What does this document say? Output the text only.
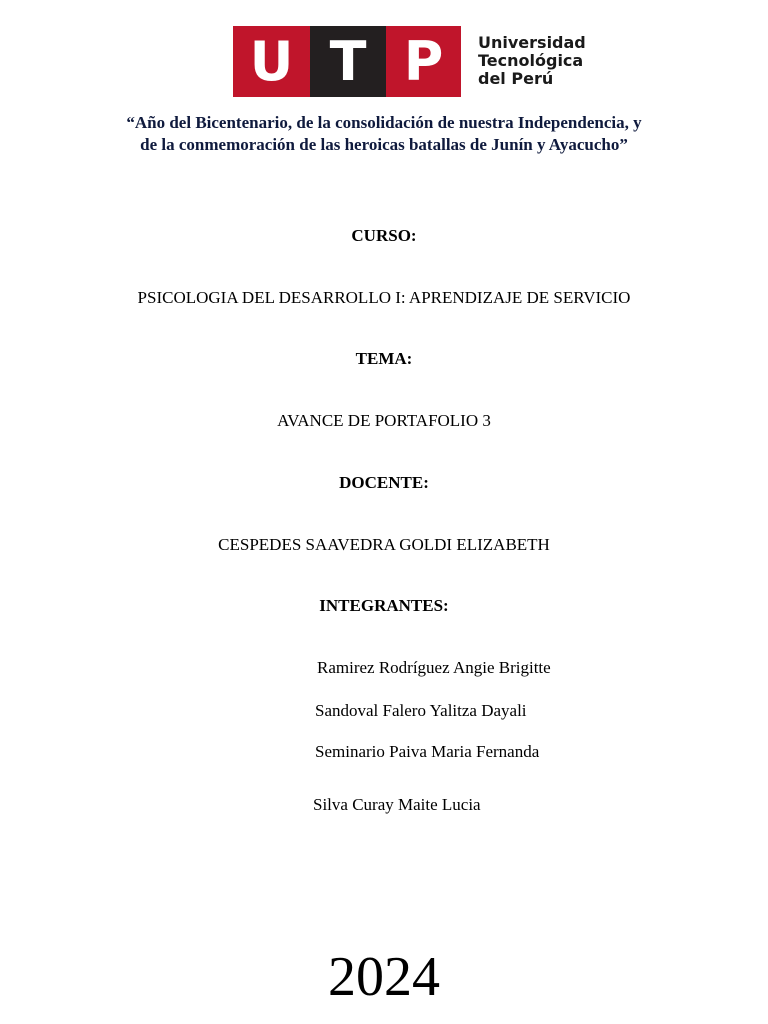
U T P	Universidad
Tecnológica
del Perú
“Año del Bicentenario, de la consolidación de nuestra Independencia, y
de la conmemoración de las heroicas batallas de Junín y Ayacucho”
CURSO:
PSICOLOGIA DEL DESARROLLO I: APRENDIZAJE DE SERVICIO
TEMA:
AVANCE DE PORTAFOLIO 3
DOCENTE:
CESPEDES SAAVEDRA GOLDI ELIZABETH
INTEGRANTES:
Ramirez Rodríguez Angie Brigitte
Sandoval Falero Yalitza Dayali
Seminario Paiva Maria Fernanda
Silva Curay Maite Lucia
2024
